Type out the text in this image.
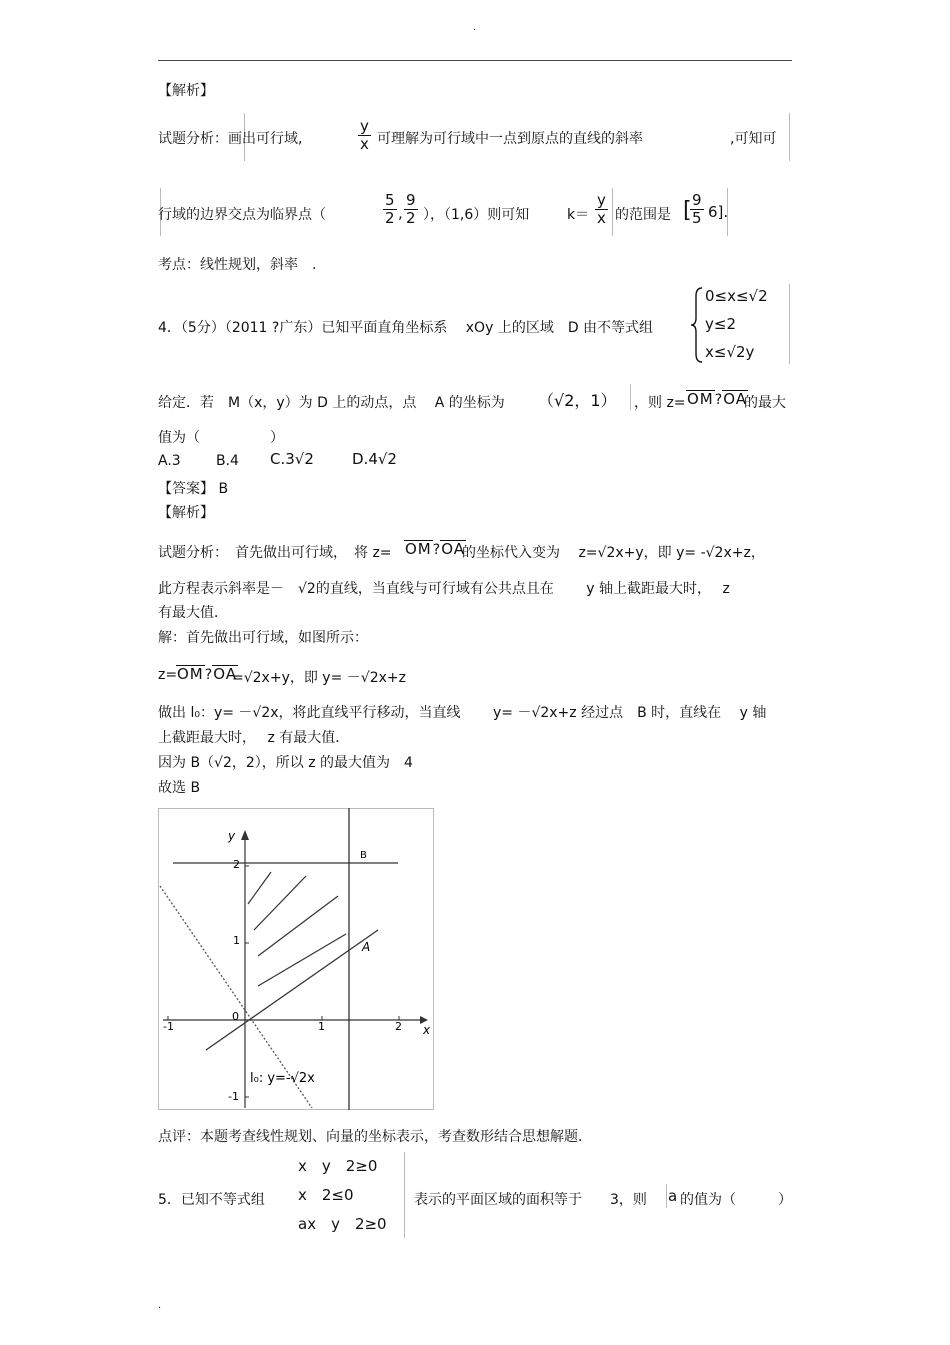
.
【解析】
试题分析：画出可行域,	$\frac{y}{x}$ 可理解为可行域中一点到原点的直线的斜率	,可知可
行域的边界交点为临界点（	$\frac{5}{2}$ , $\frac{9}{2}$ ），（1,6）则可知	$k= \frac{y}{x}$ 的范围是 [
$\frac{9}{5} 6$].
考点：线性规划，斜率　.
4．（5分）（2011 ?广东）已知平面直角坐标系　 xOy 上的区域　D 由不等式组
0≤x≤√2
y≤2
x≤√2y
给定．若　M（x，y）为 D 上的动点，点　 A 的坐标为 （√2，1） ，则 z= OM?OA
的最大
值为（　　　　　）
A.3	B.4 C.3√2	D.4√2
【答案】 B
【解析】
试题分析：　首先做出可行域，　将 z= OM?OA
的坐标代入变为　 z=√2x+y，即 y= -√2x+z，
此方程表示斜率是－　√2的直线，当直线与可行域有公共点且在　　 y 轴上截距最大时，　 z
有最大值．
解：首先做出可行域，如图所示：
z= OM?OA
=√2x+y，即 y= －√2x+z
做出 l₀：y= －√2x，将此直线平行移动，当直线　　 y= －√2x+z 经过点　B 时，直线在　 y 轴
上截距最大时，　 z 有最大值．
因为 B（√2，2），所以 z 的最大值为　4
故选 B
y
x
-1
0
1	2
2
1
-1
B
A
l₀: y=-√2x
点评：本题考查线性规划、向量的坐标表示，考查数形结合思想解题．
5．已知不等式组
x　y　2≥0
x　2≤0
ax　y　2≥0
表示的平面区域的面积等于　　3，则 a 的值为（　　　）
.
